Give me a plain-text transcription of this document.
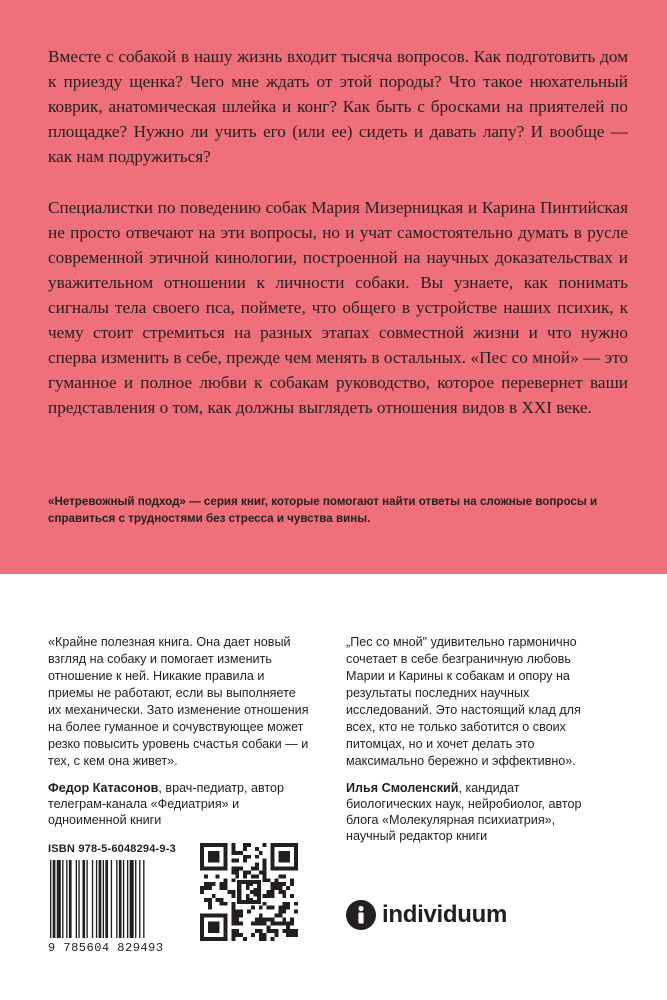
Вместе с собакой в нашу жизнь входит тысяча вопросов. Как подготовить дом к приезду щенка? Чего мне ждать от этой породы? Что такое нюхательный коврик, анатомическая шлейка и конг? Как быть с бросками на приятелей по площадке? Нужно ли учить его (или ее) сидеть и давать лапу? И вообще — как нам подружиться?

Специалистки по поведению собак Мария Мизерницкая и Карина Пинтийская не просто отвечают на эти вопросы, но и учат самостоятельно думать в русле современной этичной кинологии, построенной на научных доказательствах и уважительном отношении к личности собаки. Вы узнаете, как понимать сигналы тела своего пса, поймете, что общего в устройстве наших психик, к чему стоит стремиться на разных этапах совместной жизни и что нужно сперва изменить в себе, прежде чем менять в остальных. «Пес со мной» — это гуманное и полное любви к собакам руководство, которое перевернет ваши представления о том, как должны выглядеть отношения видов в XXI веке.

«Нетревожный подход» — серия книг, которые помогают найти ответы на сложные вопросы и справиться с трудностями без стресса и чувства вины.

«Крайне полезная книга. Она дает новый взгляд на собаку и помогает изменить отношение к ней. Никакие правила и приемы не работают, если вы выполняете их механически. Зато изменение отношения на более гуманное и сочувствующее может резко повысить уровень счастья собаки — и тех, с кем она живет».

„Пес со мной" удивительно гармонично сочетает в себе безграничную любовь Марии и Карины к собакам и опору на результаты последних научных исследований. Это настоящий клад для всех, кто не только заботится о своих питомцах, но и хочет делать это максимально бережно и эффективно».

Федор Катасонов, врач-педиатр, автор телеграм-канала «Федиатрия» и одноименной книги

Илья Смоленский, кандидат биологических наук, нейробиолог, автор блога «Молекулярная психиатрия», научный редактор книги

ISBN 978-5-6048294-9-3
9 785604 829493
individuum
